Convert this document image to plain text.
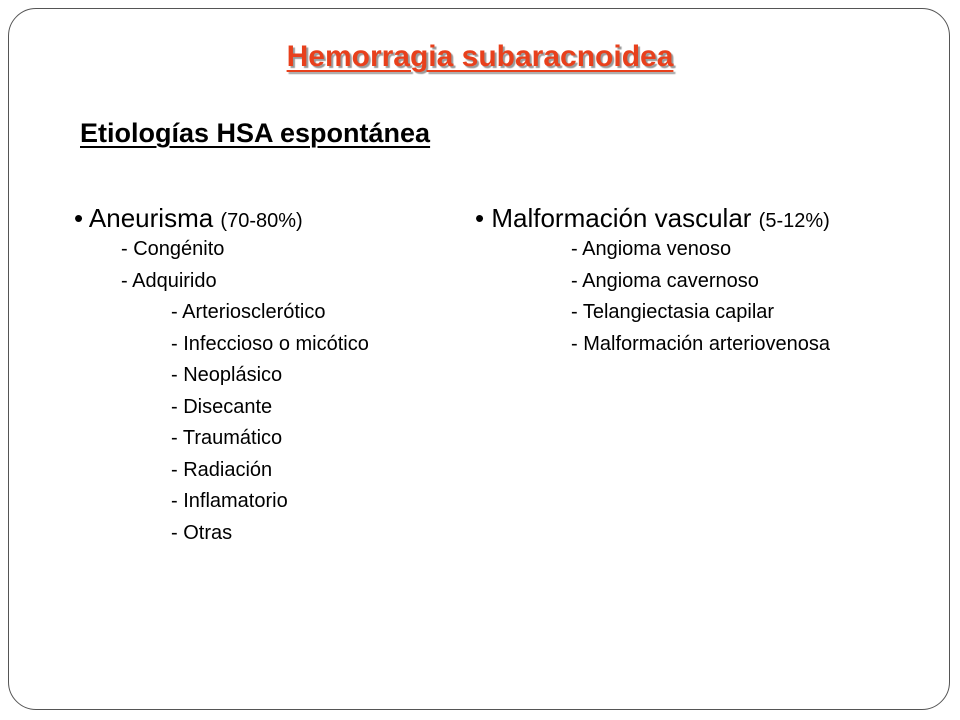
Hemorragia subaracnoidea
Etiologías HSA espontánea
• Aneurisma (70-80%)
- Congénito
- Adquirido
- Arteriosclerótico
- Infeccioso o micótico
- Neoplásico
- Disecante
- Traumático
- Radiación
- Inflamatorio
- Otras
• Malformación vascular (5-12%)
- Angioma venoso
- Angioma cavernoso
- Telangiectasia capilar
- Malformación arteriovenosa
